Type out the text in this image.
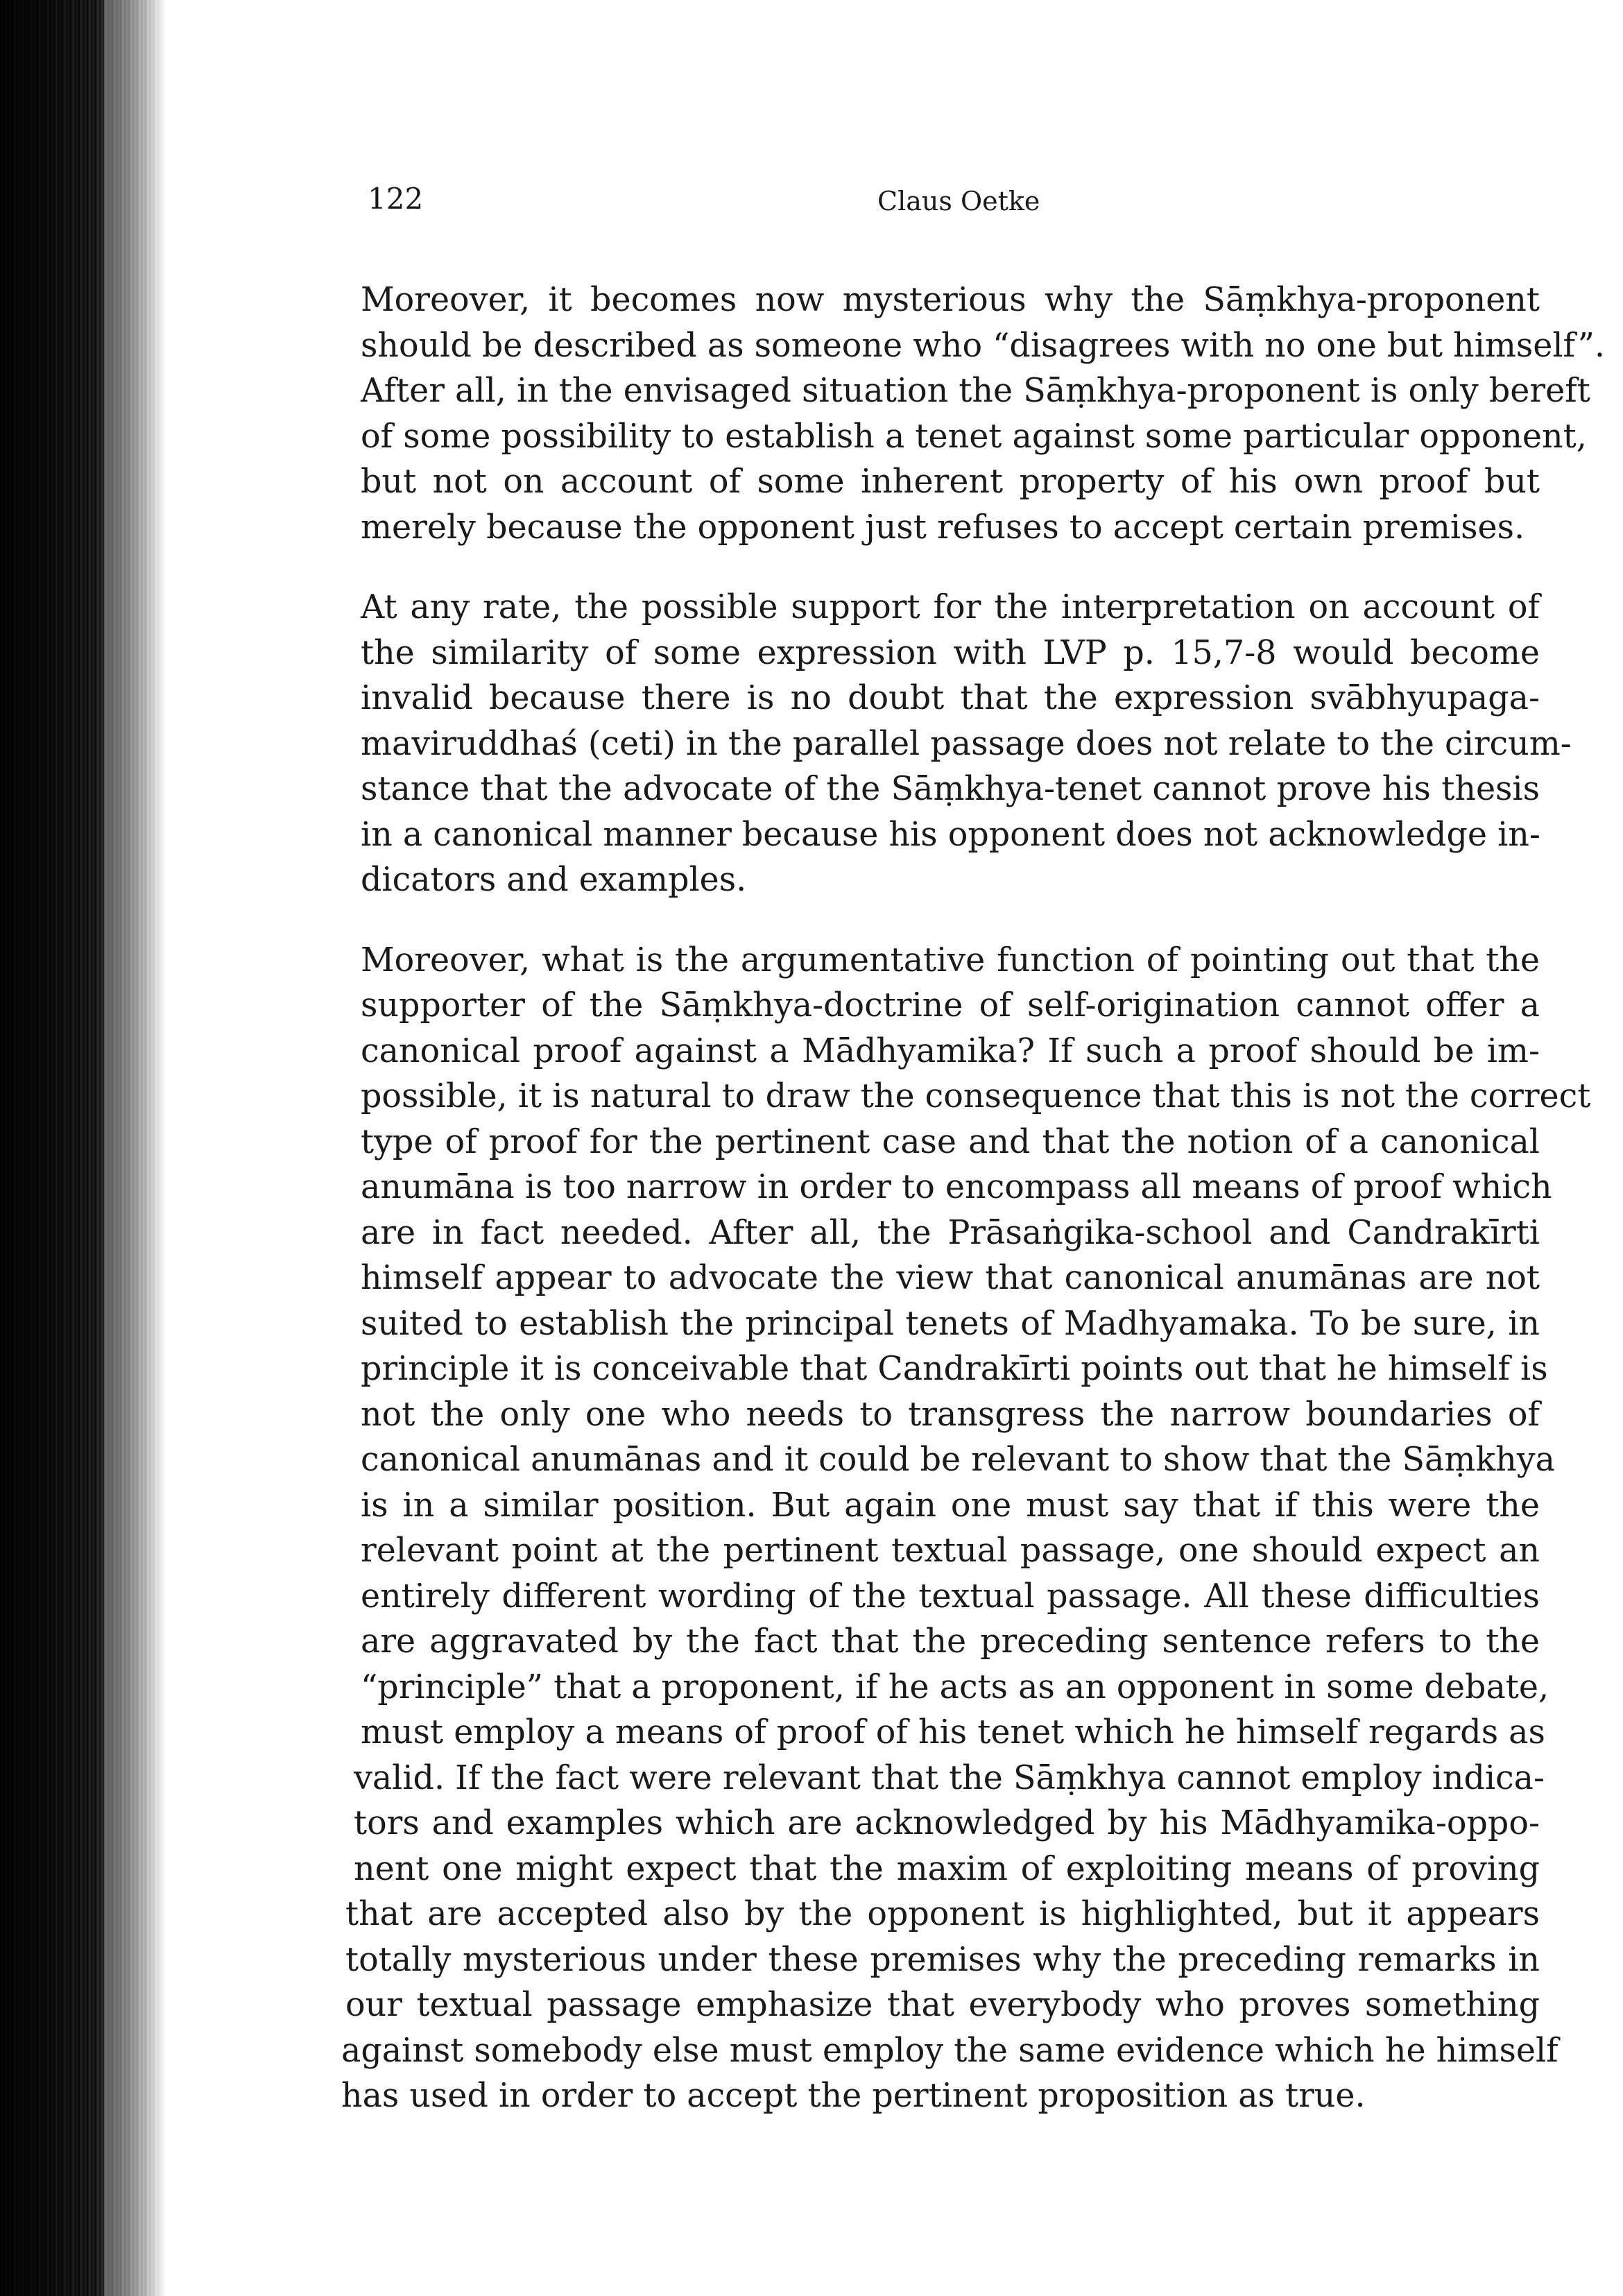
122	Claus Oetke
Moreover, it becomes now mysterious why the Sāṃkhya-proponent
should be described as someone who “disagrees with no one but himself”.
After all, in the envisaged situation the Sāṃkhya-proponent is only bereft
of some possibility to establish a tenet against some particular opponent,
but not on account of some inherent property of his own proof but
merely because the opponent just refuses to accept certain premises.
At any rate, the possible support for the interpretation on account of
the similarity of some expression with LVP p. 15,7-8 would become
invalid because there is no doubt that the expression svābhyupaga-
maviruddhaś (ceti) in the parallel passage does not relate to the circum-
stance that the advocate of the Sāṃkhya-tenet cannot prove his thesis
in a canonical manner because his opponent does not acknowledge in-
dicators and examples.
Moreover, what is the argumentative function of pointing out that the
supporter of the Sāṃkhya-doctrine of self-origination cannot offer a
canonical proof against a Mādhyamika? If such a proof should be im-
possible, it is natural to draw the consequence that this is not the correct
type of proof for the pertinent case and that the notion of a canonical
anumāna is too narrow in order to encompass all means of proof which
are in fact needed. After all, the Prāsaṅgika-school and Candrakīrti
himself appear to advocate the view that canonical anumānas are not
suited to establish the principal tenets of Madhyamaka. To be sure, in
principle it is conceivable that Candrakīrti points out that he himself is
not the only one who needs to transgress the narrow boundaries of
canonical anumānas and it could be relevant to show that the Sāṃkhya
is in a similar position. But again one must say that if this were the
relevant point at the pertinent textual passage, one should expect an
entirely different wording of the textual passage. All these difficulties
are aggravated by the fact that the preceding sentence refers to the
“principle” that a proponent, if he acts as an opponent in some debate,
must employ a means of proof of his tenet which he himself regards as
valid. If the fact were relevant that the Sāṃkhya cannot employ indica-
tors and examples which are acknowledged by his Mādhyamika-oppo-
nent one might expect that the maxim of exploiting means of proving
that are accepted also by the opponent is highlighted, but it appears
totally mysterious under these premises why the preceding remarks in
our textual passage emphasize that everybody who proves something
against somebody else must employ the same evidence which he himself
has used in order to accept the pertinent proposition as true.
